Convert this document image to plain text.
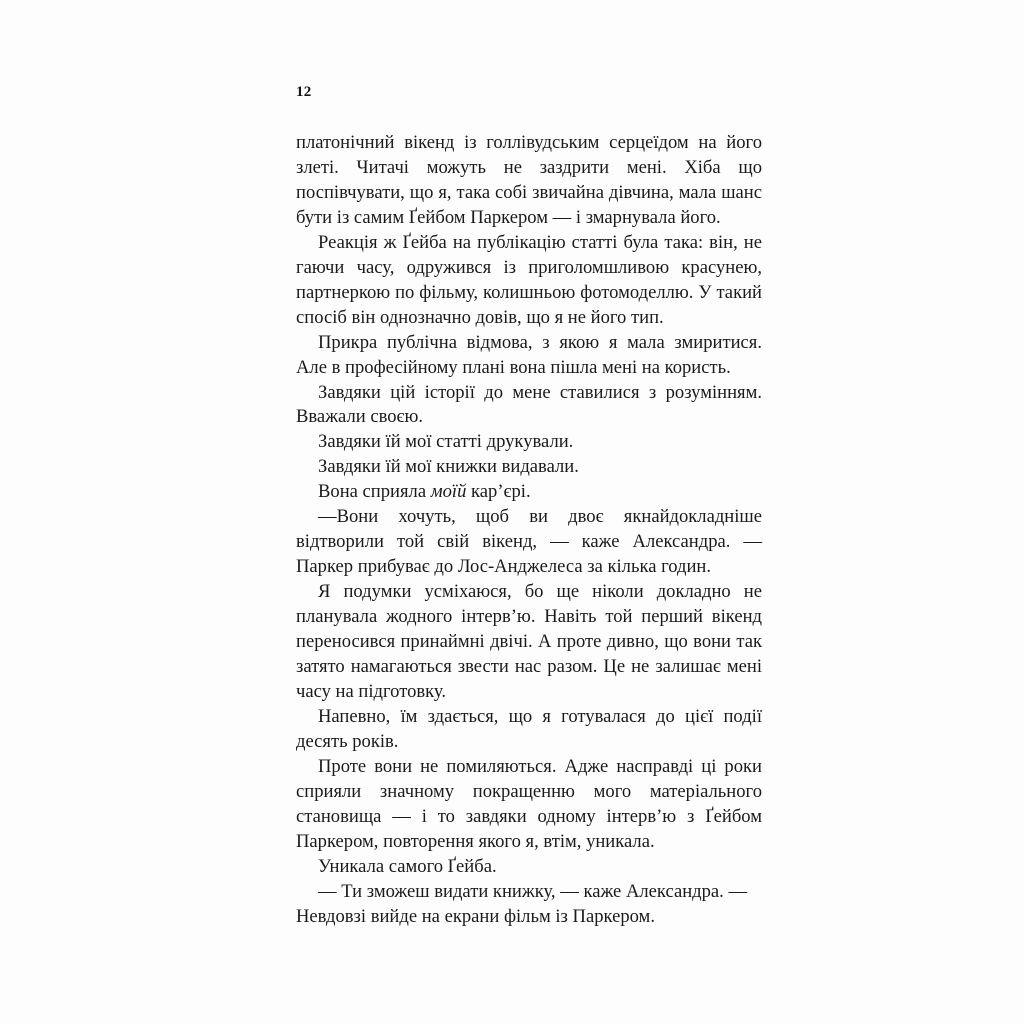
12

платонічний вікенд із голлівудським серцеїдом на його злеті. Читачі можуть не заздрити мені. Хіба що поспівчувати, що я, така собі звичайна дівчина, мала шанс бути із самим Ґейбом Паркером — і змарнувала його.

Реакція ж Ґейба на публікацію статті була така: він, не гаючи часу, одружився із приголомшливою красунею, партнеркою по фільму, колишньою фотомоделлю. У такий спосіб він однозначно довів, що я не його тип.

Прикра публічна відмова, з якою я мала змиритися. Але в професійному плані вона пішла мені на користь.

Завдяки цій історії до мене ставилися з розумінням. Вважали своєю.

Завдяки їй мої статті друкували.

Завдяки їй мої книжки видавали.

Вона сприяла моїй кар’єрі.

—Вони хочуть, щоб ви двоє якнайдокладніше відтворили той свій вікенд, — каже Александра. — Паркер прибуває до Лос-Анджелеса за кілька годин.

Я подумки усміхаюся, бо ще ніколи докладно не планувала жодного інтерв’ю. Навіть той перший вікенд переносився принаймні двічі. А проте дивно, що вони так затято намагаються звести нас разом. Це не залишає мені часу на підготовку.

Напевно, їм здається, що я готувалася до цієї події десять років.

Проте вони не помиляються. Адже насправді ці роки сприяли значному покращенню мого матеріального становища — і то завдяки одному інтерв’ю з Ґейбом Паркером, повторення якого я, втім, уникала.

Уникала самого Ґейба.

— Ти зможеш видати книжку, — каже Александра. — Невдовзі вийде на екрани фільм із Паркером.
